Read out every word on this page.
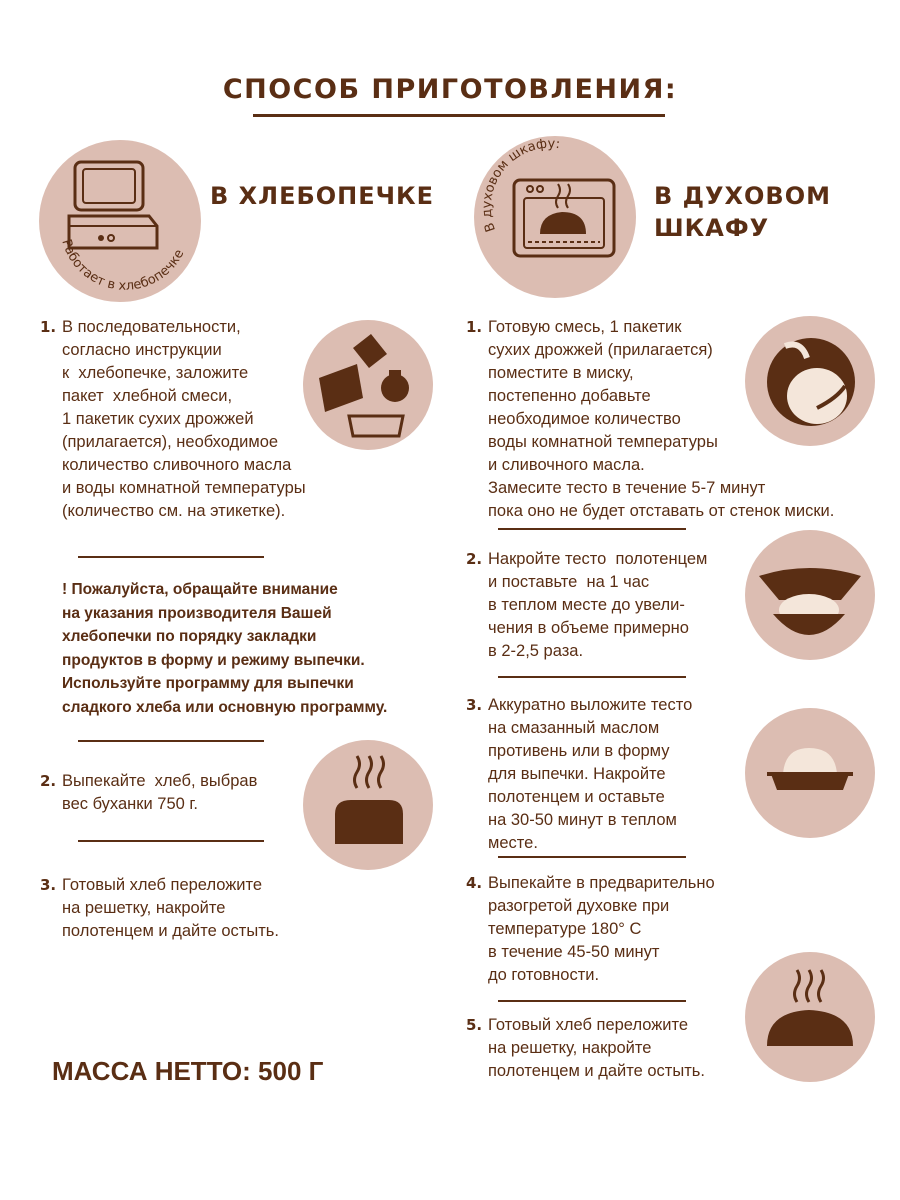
СПОСОБ ПРИГОТОВЛЕНИЯ:
Работает в хлебопечке
В ХЛЕБОПЕЧКЕ
В духовом шкафу:
В ДУХОВОМ
ШКАФУ
1. В последовательности,
согласно инструкции
к  хлебопечке, заложите
пакет  хлебной смеси,
1 пакетик сухих дрожжей
(прилагается), необходимое
количество сливочного масла
и воды комнатной температуры
(количество см. на этикетке).
! Пожалуйста, обращайте внимание
на указания производителя Вашей
хлебопечки по порядку закладки
продуктов в форму и режиму выпечки.
Используйте программу для выпечки
сладкого хлеба или основную программу.
2. Выпекайте  хлеб, выбрав
вес буханки 750 г.
3. Готовый хлеб переложите
на решетку, накройте
полотенцем и дайте остыть.
МАССА НЕТТО: 500 Г
1. Готовую смесь, 1 пакетик
сухих дрожжей (прилагается)
поместите в миску,
постепенно добавьте
необходимое количество
воды комнатной температуры
и сливочного масла.
Замесите тесто в течение 5-7 минут
пока оно не будет отставать от стенок миски.
2. Накройте тесто  полотенцем
и поставьте  на 1 час
в теплом месте до увели-
чения в объеме примерно
в 2-2,5 раза.
3. Аккуратно выложите тесто
на смазанный маслом
противень или в форму
для выпечки. Накройте
полотенцем и оставьте
на 30-50 минут в теплом
месте.
4. Выпекайте в предварительно
разогретой духовке при
температуре 180° С
в течение 45-50 минут
до готовности.
5. Готовый хлеб переложите
на решетку, накройте
полотенцем и дайте остыть.
